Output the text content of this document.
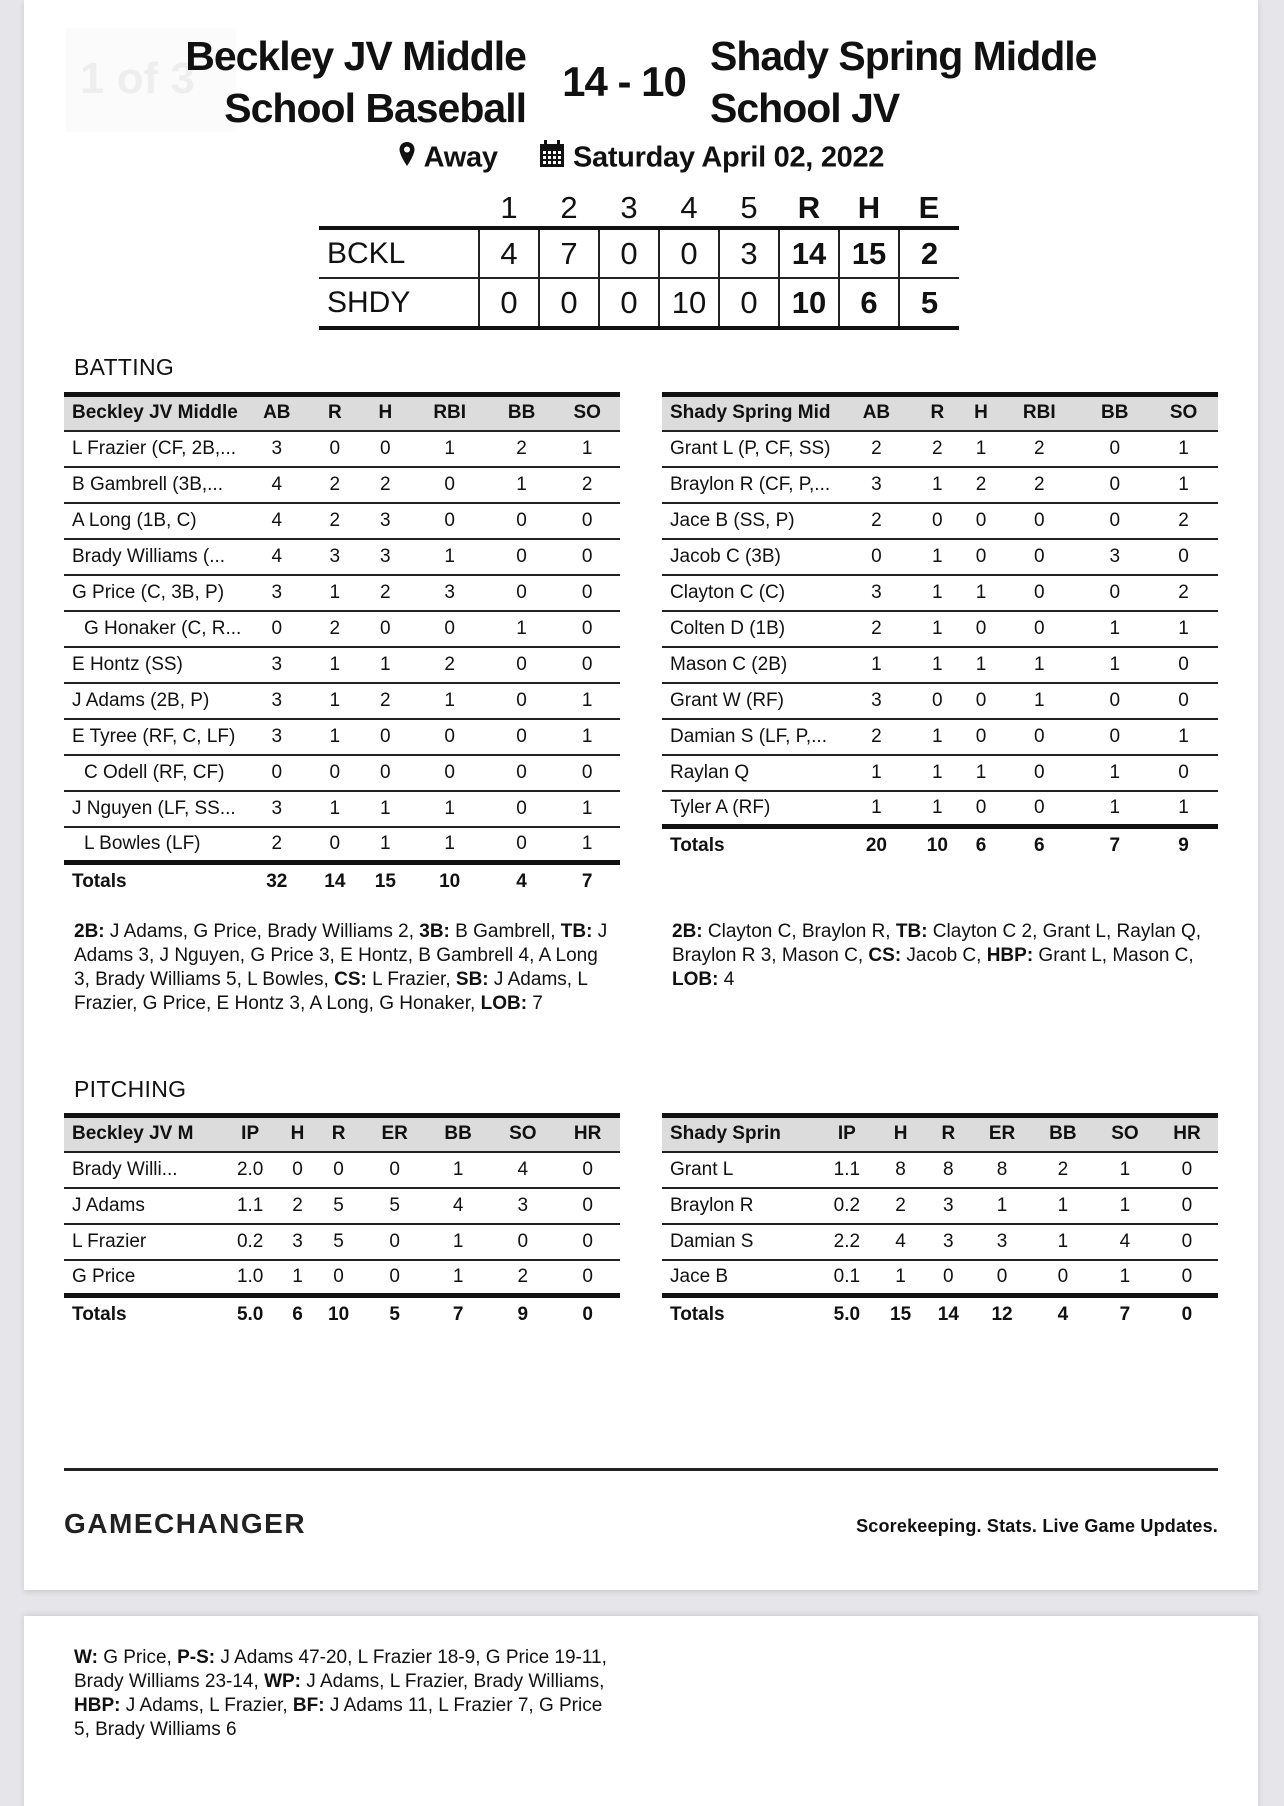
1 of 3
Beckley JV Middle
School Baseball
14 - 10
Shady Spring Middle
School JV
Away	Saturday April 02, 2022
	1	2	3	4	5	R	H	E
BCKL	4	7	0	0	3	14	15	2
SHDY	0	0	0	10	0	10	6	5
BATTING
Beckley JV Middle	AB	R	H	RBI	BB	SO
L Frazier (CF, 2B,...	3	0	0	1	2	1
B Gambrell (3B,...	4	2	2	0	1	2
A Long (1B, C)	4	2	3	0	0	0
Brady Williams (...	4	3	3	1	0	0
G Price (C, 3B, P)	3	1	2	3	0	0
G Honaker (C, R...	0	2	0	0	1	0
E Hontz (SS)	3	1	1	2	0	0
J Adams (2B, P)	3	1	2	1	0	1
E Tyree (RF, C, LF)	3	1	0	0	0	1
C Odell (RF, CF)	0	0	0	0	0	0
J Nguyen (LF, SS...	3	1	1	1	0	1
L Bowles (LF)	2	0	1	1	0	1
Totals	32	14	15	10	4	7
Shady Spring Mid	AB	R	H	RBI	BB	SO
Grant L (P, CF, SS)	2	2	1	2	0	1
Braylon R (CF, P,...	3	1	2	2	0	1
Jace B (SS, P)	2	0	0	0	0	2
Jacob C (3B)	0	1	0	0	3	0
Clayton C (C)	3	1	1	0	0	2
Colten D (1B)	2	1	0	0	1	1
Mason C (2B)	1	1	1	1	1	0
Grant W (RF)	3	0	0	1	0	0
Damian S (LF, P,...	2	1	0	0	0	1
Raylan Q	1	1	1	0	1	0
Tyler A (RF)	1	1	0	0	1	1
Totals	20	10	6	6	7	9
2B: J Adams, G Price, Brady Williams 2, 3B: B Gambrell, TB: J Adams 3, J Nguyen, G Price 3, E Hontz, B Gambrell 4, A Long 3, Brady Williams 5, L Bowles, CS: L Frazier, SB: J Adams, L Frazier, G Price, E Hontz 3, A Long, G Honaker, LOB: 7
2B: Clayton C, Braylon R, TB: Clayton C 2, Grant L, Raylan Q, Braylon R 3, Mason C, CS: Jacob C, HBP: Grant L, Mason C, LOB: 4
PITCHING
Beckley JV M	IP	H	R	ER	BB	SO	HR
Brady Willi...	2.0	0	0	0	1	4	0
J Adams	1.1	2	5	5	4	3	0
L Frazier	0.2	3	5	0	1	0	0
G Price	1.0	1	0	0	1	2	0
Totals	5.0	6	10	5	7	9	0
Shady Sprin	IP	H	R	ER	BB	SO	HR
Grant L	1.1	8	8	8	2	1	0
Braylon R	0.2	2	3	1	1	1	0
Damian S	2.2	4	3	3	1	4	0
Jace B	0.1	1	0	0	0	1	0
Totals	5.0	15	14	12	4	7	0
GAMECHANGER	Scorekeeping. Stats. Live Game Updates.
W: G Price, P-S: J Adams 47-20, L Frazier 18-9, G Price 19-11, Brady Williams 23-14, WP: J Adams, L Frazier, Brady Williams, HBP: J Adams, L Frazier, BF: J Adams 11, L Frazier 7, G Price 5, Brady Williams 6
